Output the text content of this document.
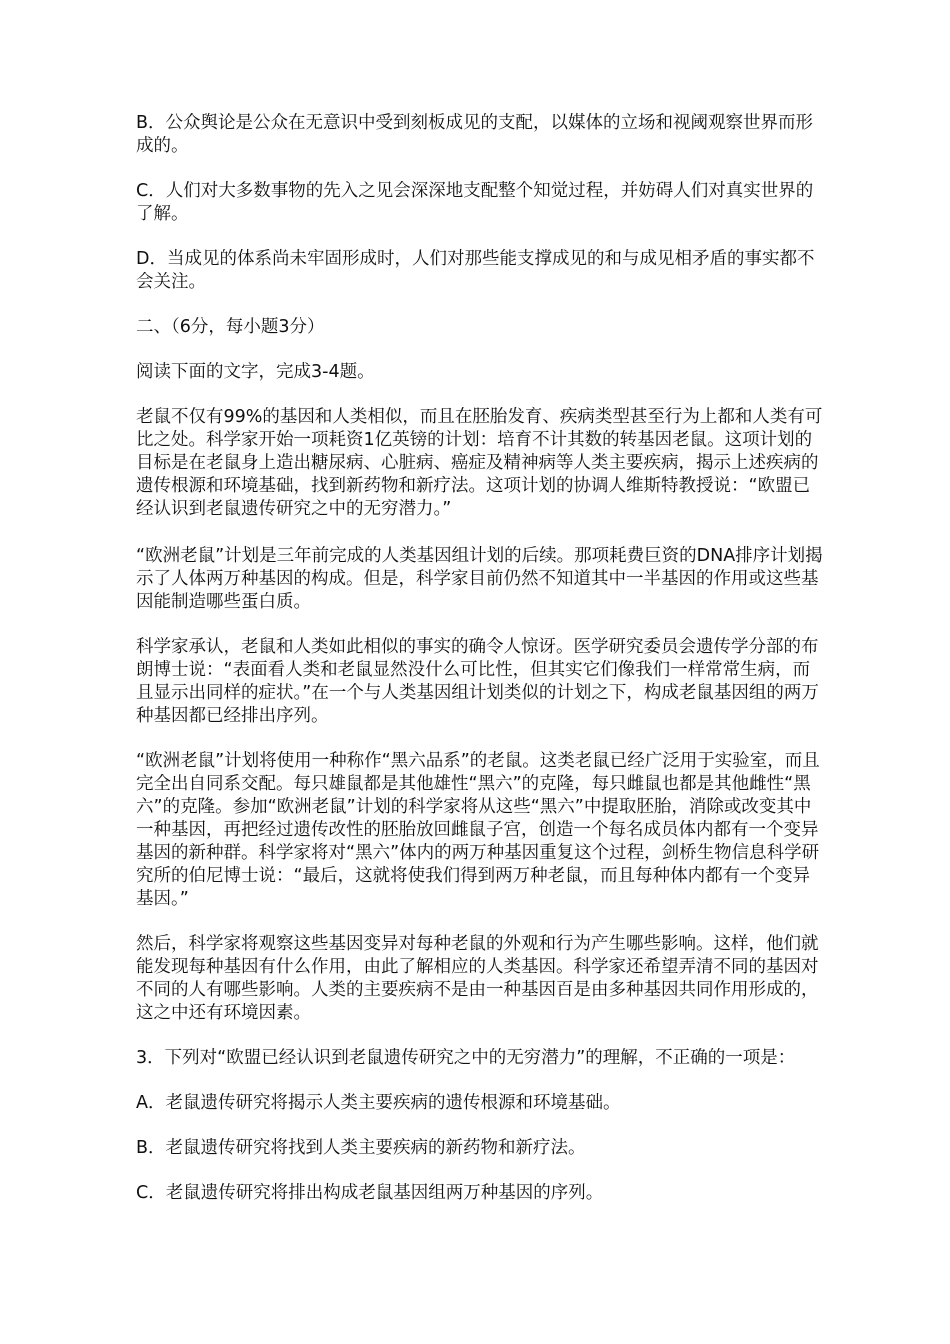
B．公众舆论是公众在无意识中受到刻板成见的支配，以媒体的立场和视阈观察世界而形成的。

C．人们对大多数事物的先入之见会深深地支配整个知觉过程，并妨碍人们对真实世界的了解。

D．当成见的体系尚未牢固形成时，人们对那些能支撑成见的和与成见相矛盾的事实都不会关注。

二、（6分，每小题3分）

阅读下面的文字，完成3-4题。

老鼠不仅有99%的基因和人类相似，而且在胚胎发育、疾病类型甚至行为上都和人类有可比之处。科学家开始一项耗资1亿英镑的计划：培育不计其数的转基因老鼠。这项计划的目标是在老鼠身上造出糖尿病、心脏病、癌症及精神病等人类主要疾病，揭示上述疾病的遗传根源和环境基础，找到新药物和新疗法。这项计划的协调人维斯特教授说：“欧盟已经认识到老鼠遗传研究之中的无穷潜力。”

“欧洲老鼠”计划是三年前完成的人类基因组计划的后续。那项耗费巨资的DNA排序计划揭示了人体两万种基因的构成。但是，科学家目前仍然不知道其中一半基因的作用或这些基因能制造哪些蛋白质。

科学家承认，老鼠和人类如此相似的事实的确令人惊讶。医学研究委员会遗传学分部的布朗博士说：“表面看人类和老鼠显然没什么可比性，但其实它们像我们一样常常生病，而且显示出同样的症状。”在一个与人类基因组计划类似的计划之下，构成老鼠基因组的两万种基因都已经排出序列。

“欧洲老鼠”计划将使用一种称作“黑六品系”的老鼠。这类老鼠已经广泛用于实验室，而且完全出自同系交配。每只雄鼠都是其他雄性“黑六”的克隆，每只雌鼠也都是其他雌性“黑六”的克隆。参加“欧洲老鼠”计划的科学家将从这些“黑六”中提取胚胎，消除或改变其中一种基因，再把经过遗传改性的胚胎放回雌鼠子宫，创造一个每名成员体内都有一个变异基因的新种群。科学家将对“黑六”体内的两万种基因重复这个过程，剑桥生物信息科学研究所的伯尼博士说：“最后，这就将使我们得到两万种老鼠，而且每种体内都有一个变异基因。”

然后，科学家将观察这些基因变异对每种老鼠的外观和行为产生哪些影响。这样，他们就能发现每种基因有什么作用，由此了解相应的人类基因。科学家还希望弄清不同的基因对不同的人有哪些影响。人类的主要疾病不是由一种基因百是由多种基因共同作用形成的，这之中还有环境因素。

3．下列对“欧盟已经认识到老鼠遗传研究之中的无穷潜力”的理解，不正确的一项是：

A．老鼠遗传研究将揭示人类主要疾病的遗传根源和环境基础。

B．老鼠遗传研究将找到人类主要疾病的新药物和新疗法。

C．老鼠遗传研究将排出构成老鼠基因组两万种基因的序列。
